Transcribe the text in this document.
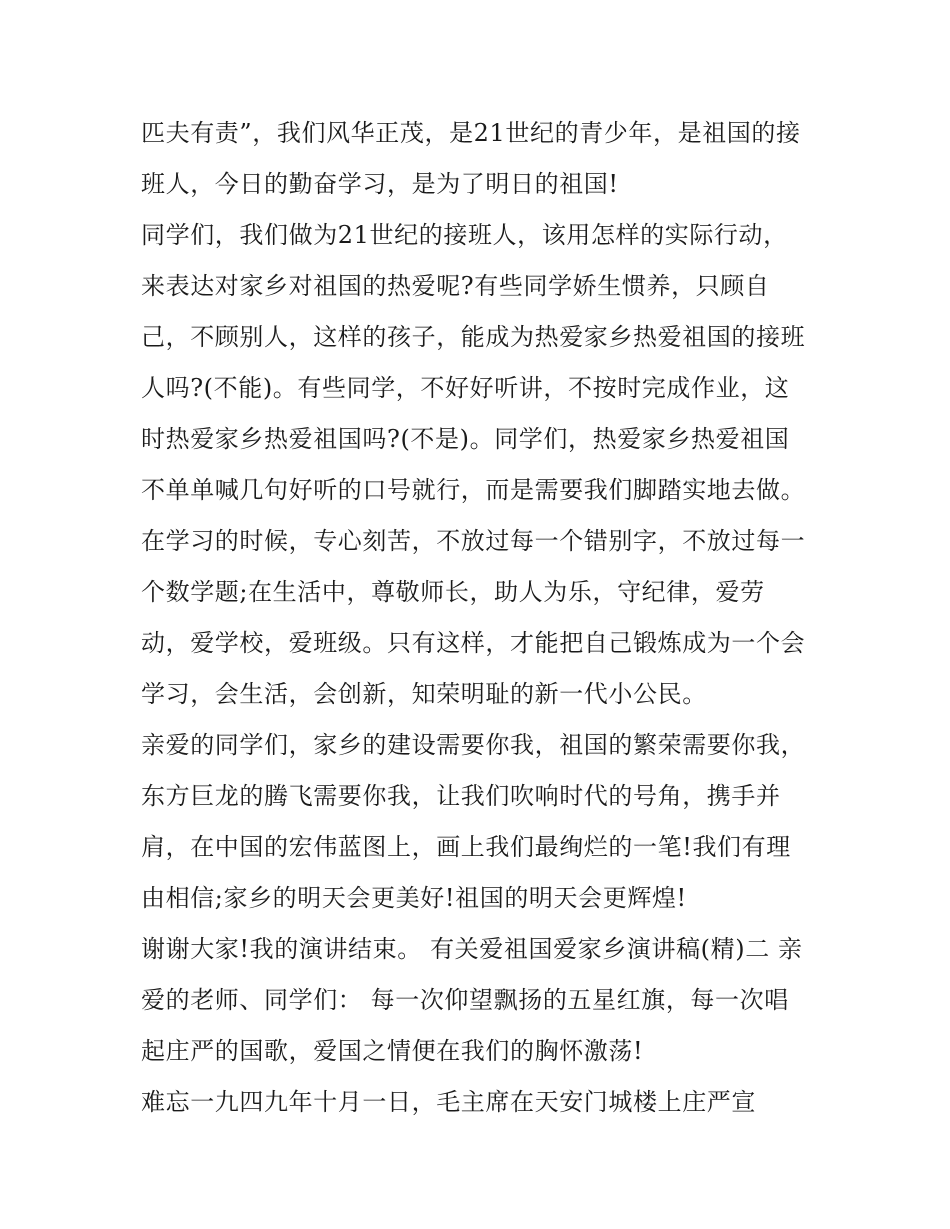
匹夫有责”，我们风华正茂，是21世纪的青少年，是祖国的接
班人，今日的勤奋学习，是为了明日的祖国!
同学们，我们做为21世纪的接班人，该用怎样的实际行动，
来表达对家乡对祖国的热爱呢?有些同学娇生惯养，只顾自
己，不顾别人，这样的孩子，能成为热爱家乡热爱祖国的接班
人吗?(不能)。有些同学，不好好听讲，不按时完成作业，这
时热爱家乡热爱祖国吗?(不是)。同学们，热爱家乡热爱祖国
不单单喊几句好听的口号就行，而是需要我们脚踏实地去做。
在学习的时候，专心刻苦，不放过每一个错别字，不放过每一
个数学题;在生活中，尊敬师长，助人为乐，守纪律，爱劳
动，爱学校，爱班级。只有这样，才能把自己锻炼成为一个会
学习，会生活，会创新，知荣明耻的新一代小公民。
亲爱的同学们，家乡的建设需要你我，祖国的繁荣需要你我，
东方巨龙的腾飞需要你我，让我们吹响时代的号角，携手并
肩，在中国的宏伟蓝图上，画上我们最绚烂的一笔!我们有理
由相信;家乡的明天会更美好!祖国的明天会更辉煌!
谢谢大家!我的演讲结束。 有关爱祖国爱家乡演讲稿(精)二 亲
爱的老师、同学们： 每一次仰望飘扬的五星红旗，每一次唱
起庄严的国歌，爱国之情便在我们的胸怀激荡!
难忘一九四九年十月一日，毛主席在天安门城楼上庄严宣
